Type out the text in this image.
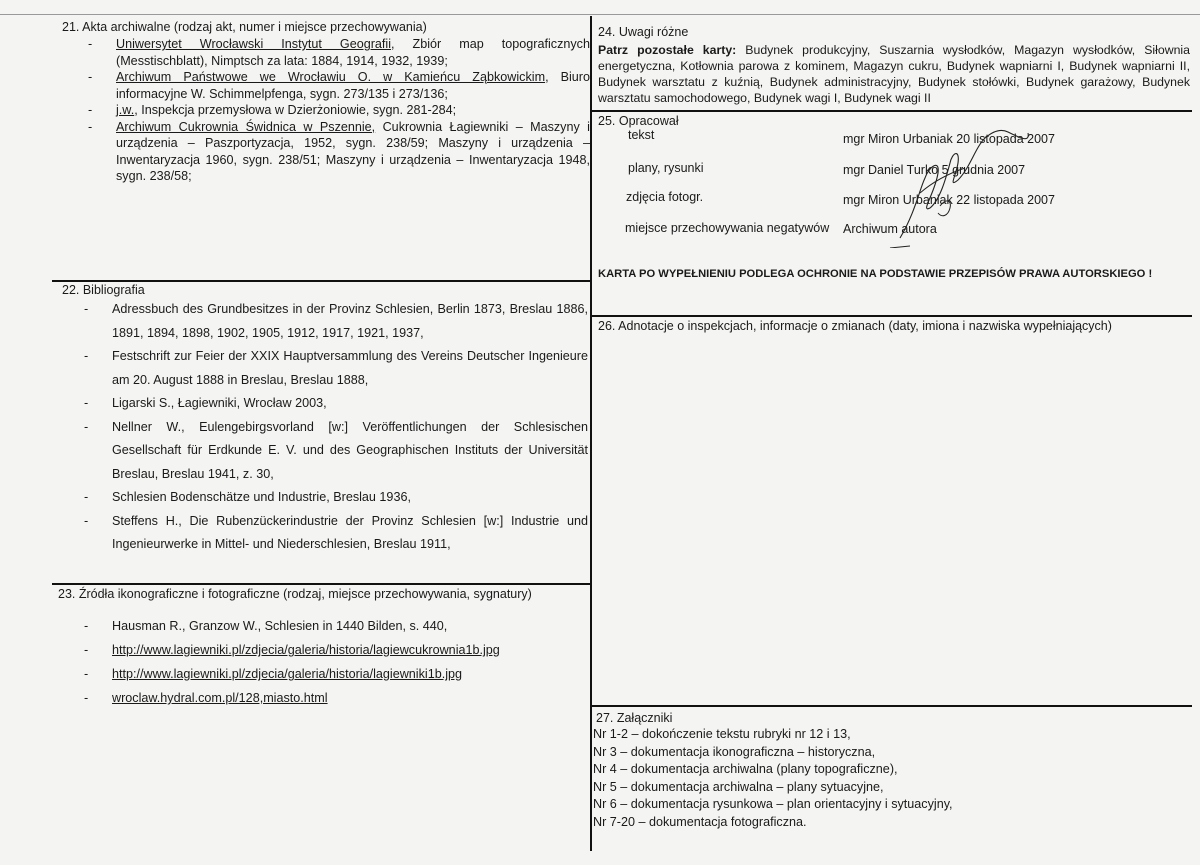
21. Akta archiwalne (rodzaj akt, numer i miejsce przechowywania)
- Uniwersytet Wrocławski Instytut Geografii, Zbiór map topograficznych (Messtischblatt), Nimptsch za lata: 1884, 1914, 1932, 1939;
- Archiwum Państwowe we Wrocławiu O. w Kamieńcu Ząbkowickim, Biuro informacyjne W. Schimmelpfenga, sygn. 273/135 i 273/136;
- j.w., Inspekcja przemysłowa w Dzierżoniowie, sygn. 281-284;
- Archiwum Cukrownia Świdnica w Pszennie, Cukrownia Łagiewniki – Maszyny i urządzenia – Paszportyzacja, 1952, sygn. 238/59; Maszyny i urządzenia – Inwentaryzacja 1960, sygn. 238/51; Maszyny i urządzenia – Inwentaryzacja 1948, sygn. 238/58;
22. Bibliografia
- Adressbuch des Grundbesitzes in der Provinz Schlesien, Berlin 1873, Breslau 1886, 1891, 1894, 1898, 1902, 1905, 1912, 1917, 1921, 1937,
- Festschrift zur Feier der XXIX Hauptversammlung des Vereins Deutscher Ingenieure am 20. August 1888 in Breslau, Breslau 1888,
- Ligarski S., Łagiewniki, Wrocław 2003,
- Nellner W., Eulengebirgsvorland [w:] Veröffentlichungen der Schlesischen Gesellschaft für Erdkunde E. V. und des Geographischen Instituts der Universität Breslau, Breslau 1941, z. 30,
- Schlesien Bodenschätze und Industrie, Breslau 1936,
- Steffens H., Die Rubenzückerindustrie der Provinz Schlesien [w:] Industrie und Ingenieurwerke in Mittel- und Niederschlesien, Breslau 1911,
23. Źródła ikonograficzne i fotograficzne (rodzaj, miejsce przechowywania, sygnatury)
- Hausman R., Granzow W., Schlesien in 1440 Bilden, s. 440,
- http://www.lagiewniki.pl/zdjecia/galeria/historia/lagiewcukrownia1b.jpg
- http://www.lagiewniki.pl/zdjecia/galeria/historia/lagiewniki1b.jpg
- wroclaw.hydral.com.pl/128,miasto.html
24. Uwagi różne
Patrz pozostałe karty: Budynek produkcyjny, Suszarnia wysłodków, Magazyn wysłodków, Siłownia energetyczna, Kotłownia parowa z kominem, Magazyn cukru, Budynek wapniarni I, Budynek wapniarni II, Budynek warsztatu z kuźnią, Budynek administracyjny, Budynek stołówki, Budynek garażowy, Budynek warsztatu samochodowego, Budynek wagi I, Budynek wagi II
25. Opracował
tekst	mgr Miron Urbaniak 20 listopada 2007
plany, rysunki	mgr Daniel Turko 5 grudnia 2007
zdjęcia fotogr.	mgr Miron Urbaniak 22 listopada 2007
miejsce przechowywania negatywów Archiwum autora
KARTA PO WYPEŁNIENIU PODLEGA OCHRONIE NA PODSTAWIE PRZEPISÓW PRAWA AUTORSKIEGO !
26. Adnotacje o inspekcjach, informacje o zmianach (daty, imiona i nazwiska wypełniających)
27. Załączniki
Nr 1-2 – dokończenie tekstu rubryki nr 12 i 13,
Nr 3 – dokumentacja ikonograficzna – historyczna,
Nr 4 – dokumentacja archiwalna (plany topograficzne),
Nr 5 – dokumentacja archiwalna – plany sytuacyjne,
Nr 6 – dokumentacja rysunkowa – plan orientacyjny i sytuacyjny,
Nr 7-20 – dokumentacja fotograficzna.
